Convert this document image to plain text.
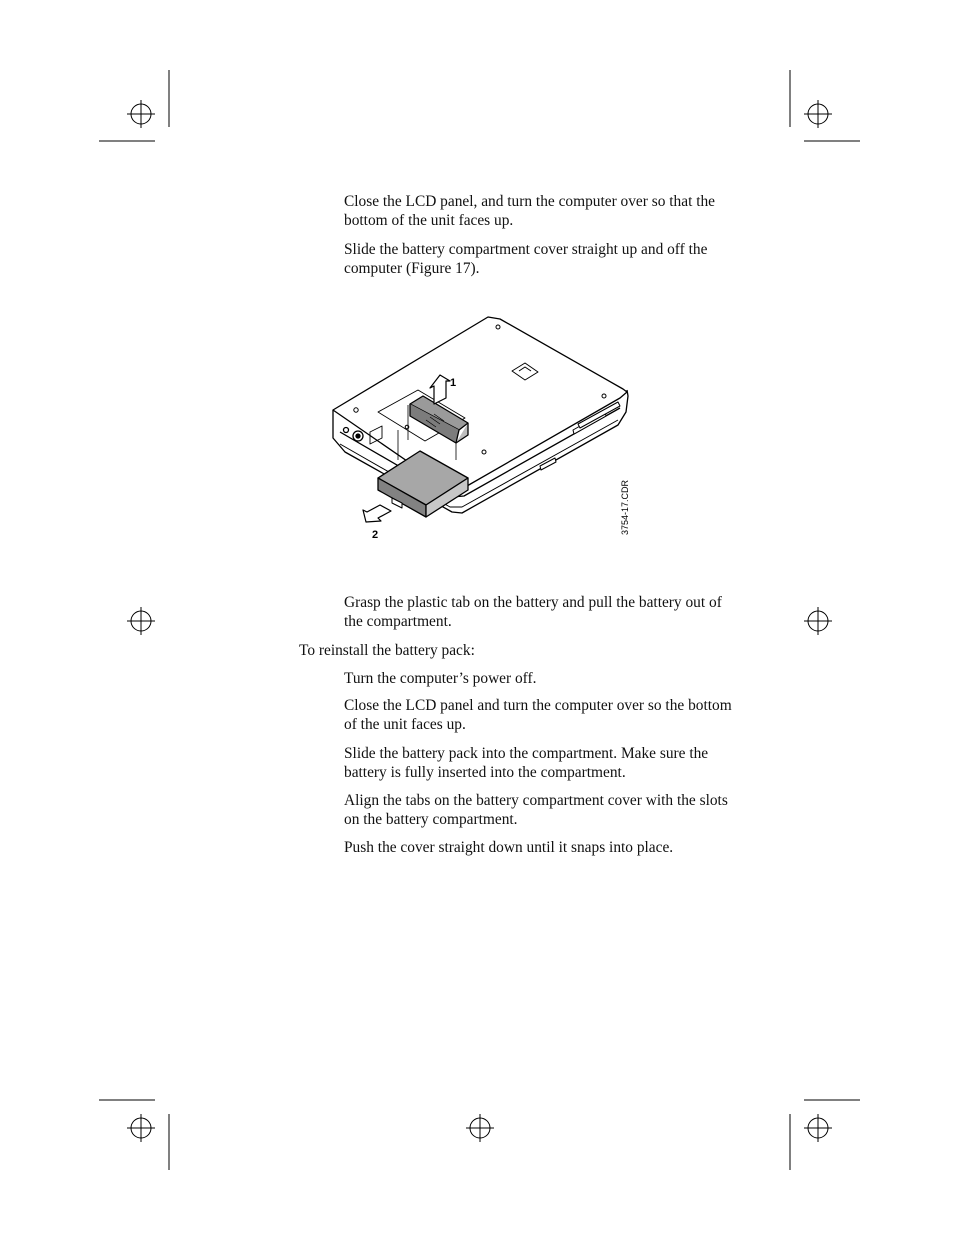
Close the LCD panel, and turn the computer over so that the bottom of the unit faces up.

Slide the battery compartment cover straight up and off the computer (Figure 17).

1
2	3754-17.CDR

Grasp the plastic tab on the battery and pull the battery out of the compartment.

To reinstall the battery pack:

Turn the computer’s power off.

Close the LCD panel and turn the computer over so the bottom of the unit faces up.

Slide the battery pack into the compartment. Make sure the battery is fully inserted into the compartment.

Align the tabs on the battery compartment cover with the slots on the battery compartment.

Push the cover straight down until it snaps into place.
